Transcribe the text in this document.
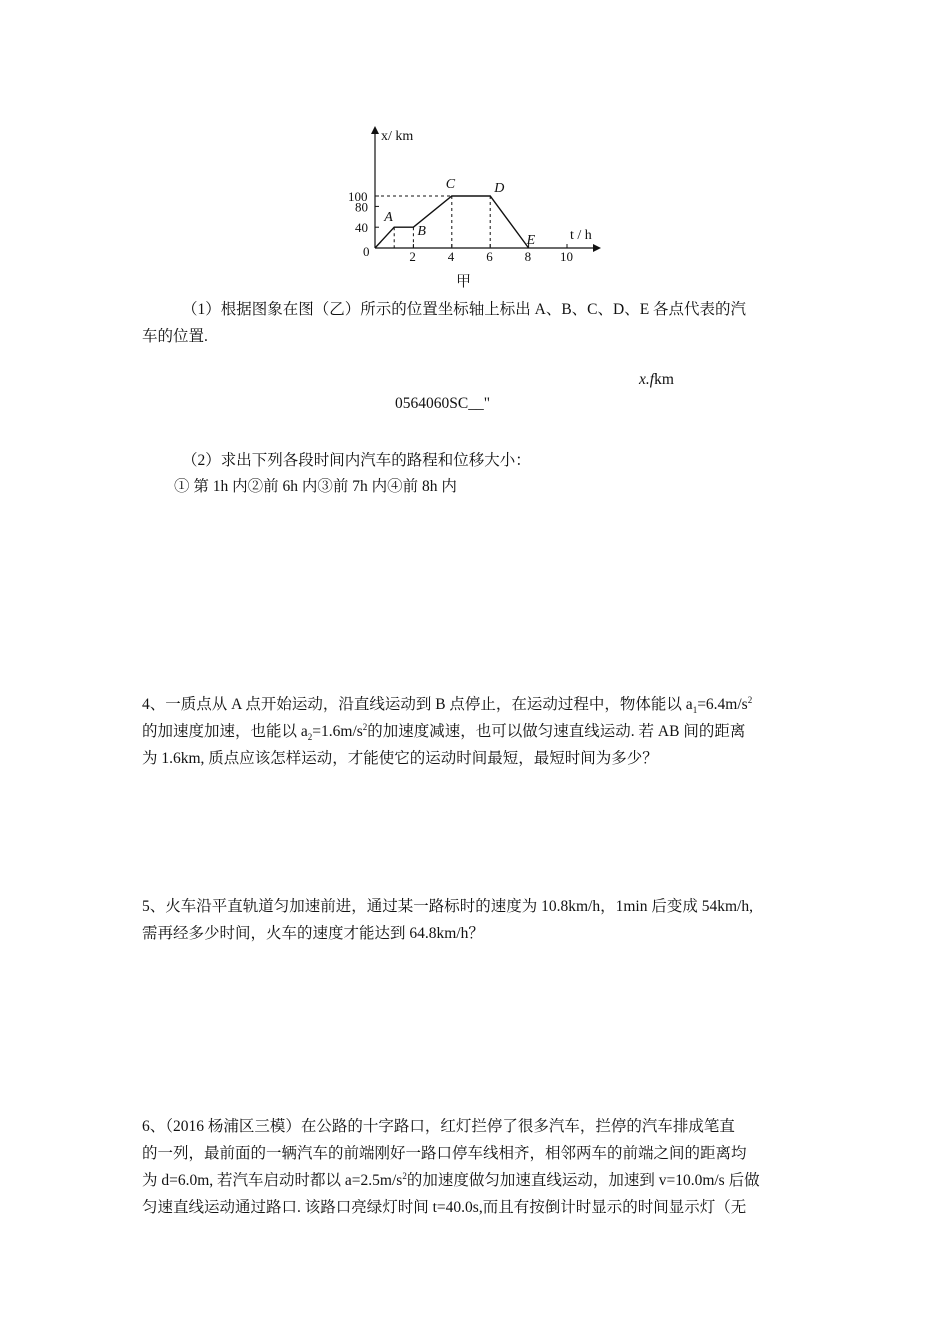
100
80
40
0	2 4 6 8 10
x/ km
t / h
A
B
C	D
E
甲
（1）根据图象在图（乙）所示的位置坐标轴上标出 A、B、C、D、E 各点代表的汽
车的位置.
x.fkm
0564060SC__"
（2）求出下列各段时间内汽车的路程和位移大小：
① 第 1h 内②前 6h 内③前 7h 内④前 8h 内
4、一质点从 A 点开始运动，沿直线运动到 B 点停止，在运动过程中，物体能以 $a_1=6.4m/s^2$
的加速度加速，也能以 $a_2=1.6m/s^2$的加速度减速，也可以做匀速直线运动. 若 AB 间的距离
为 1.6km, 质点应该怎样运动，才能使它的运动时间最短，最短时间为多少？
5、火车沿平直轨道匀加速前进，通过某一路标时的速度为 10.8km/h，1min 后变成 54km/h,
需再经多少时间，火车的速度才能达到 64.8km/h？
6、（2016 杨浦区三模）在公路的十字路口，红灯拦停了很多汽车，拦停的汽车排成笔直
的一列，最前面的一辆汽车的前端刚好一路口停车线相齐，相邻两车的前端之间的距离均
为 d=6.0m, 若汽车启动时都以 $a=2.5m/s^2$的加速度做匀加速直线运动，加速到 v=10.0m/s 后做
匀速直线运动通过路口. 该路口亮绿灯时间 t=40.0s,而且有按倒计时显示的时间显示灯（无
